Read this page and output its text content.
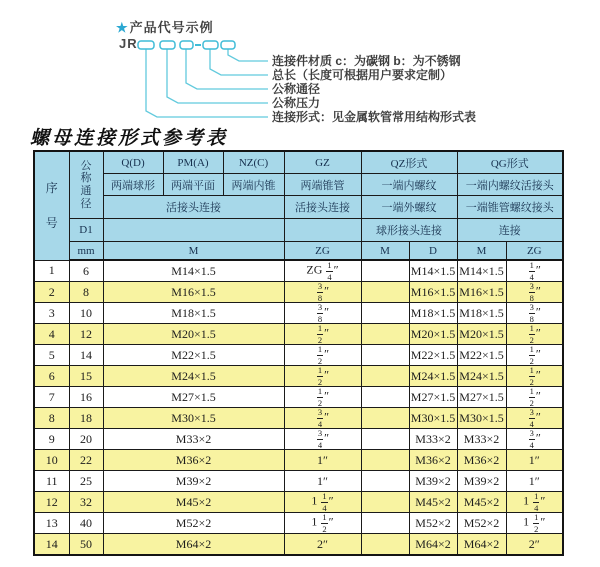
★产品代号示例
JR
连接件材质 c：为碳钢 b：为不锈钢
总长（长度可根据用户要求定制）
公称通径
公称压力
连接形式：见金属软管常用结构形式表
螺母连接形式参考表
序号	公称通径	Q(D)	PM(A)	NZ(C)	GZ	QZ形式		QG形式	
		两端球形	两端平面	两端内锥	两端锥管	一端内螺纹		一端内螺纹活接头	
		活接头连接			活接头连接	一端外螺纹		一端锥管螺纹接头	
	D1					球形接头连接		连接	
	mm	M			ZG	M	D	M	ZG
1	6	M14×1.5			ZG $\frac{1}{4}$ ″		M14×1.5	M14×1.5	$\frac{1}{4}$ ″
2	8	M16×1.5			$\frac{3}{8}$ ″		M16×1.5	M16×1.5	$\frac{3}{8}$ ″
3	10	M18×1.5			$\frac{3}{8}$ ″		M18×1.5	M18×1.5	$\frac{3}{8}$ ″
4	12	M20×1.5			$\frac{1}{2}$ ″		M20×1.5	M20×1.5	$\frac{1}{2}$ ″
5	14	M22×1.5			$\frac{1}{2}$ ″		M22×1.5	M22×1.5	$\frac{1}{2}$ ″
6	15	M24×1.5			$\frac{1}{2}$ ″		M24×1.5	M24×1.5	$\frac{1}{2}$ ″
7	16	M27×1.5			$\frac{1}{2}$ ″		M27×1.5	M27×1.5	$\frac{1}{2}$ ″
8	18	M30×1.5			$\frac{3}{4}$ ″		M30×1.5	M30×1.5	$\frac{3}{4}$ ″
9	20	M33×2			$\frac{3}{4}$ ″		M33×2	M33×2	$\frac{3}{4}$ ″
10	22	M36×2			1″		M36×2	M36×2	1″
11	25	M39×2			1″		M39×2	M39×2	1″
12	32	M45×2			$1 \frac{1}{4}$ ″		M45×2	M45×2	$1 \frac{1}{4}$ ″
13	40	M52×2			$1 \frac{1}{2}$ ″		M52×2	M52×2	$1 \frac{1}{2}$ ″
14	50	M64×2			2″		M64×2	M64×2	2″
